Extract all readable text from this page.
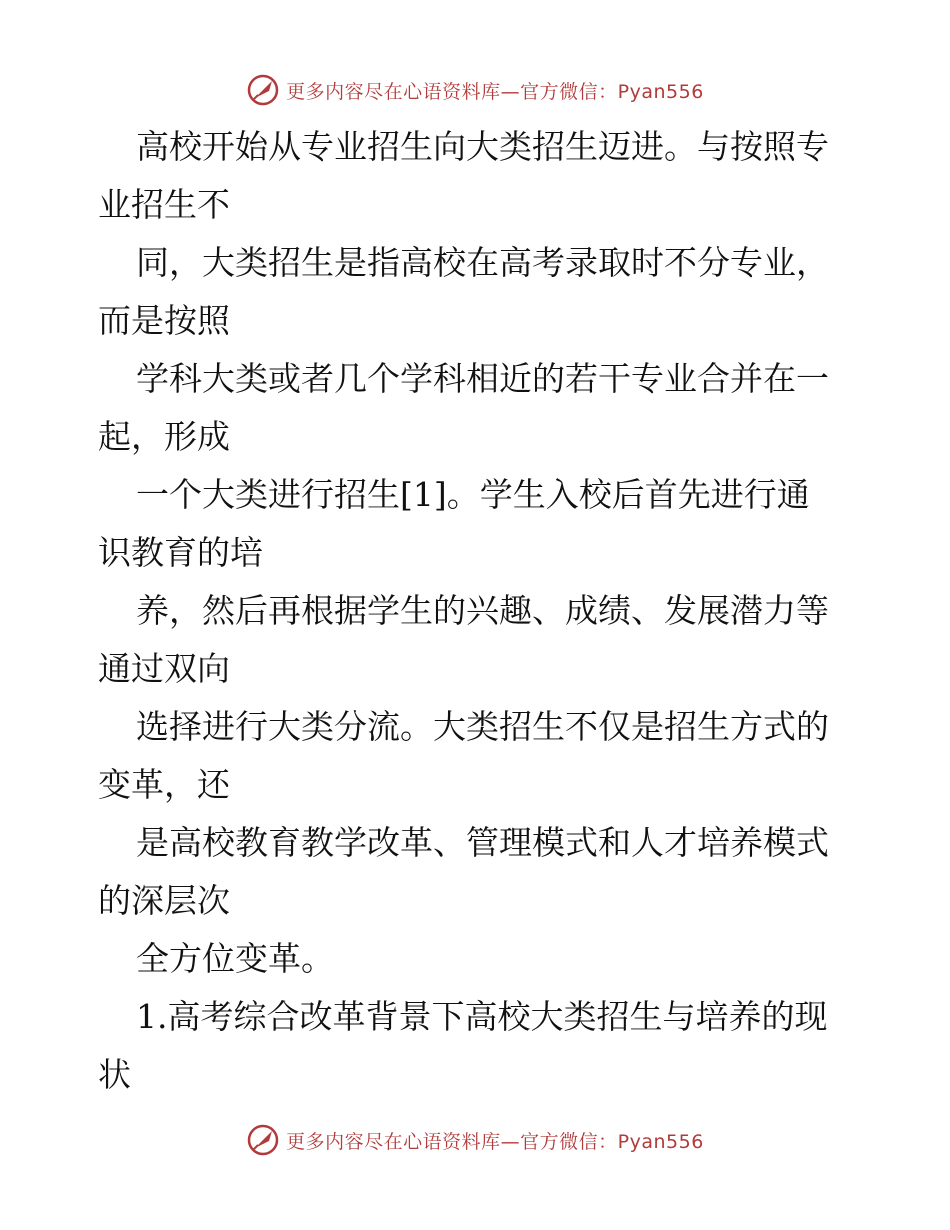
更多内容尽在心语资料库—官方微信：Pyan556
高校开始从专业招生向大类招生迈进。与按照专
业招生不
同，大类招生是指高校在高考录取时不分专业，
而是按照
学科大类或者几个学科相近的若干专业合并在一
起，形成
一个大类进行招生[1]。学生入校后首先进行通
识教育的培
养，然后再根据学生的兴趣、成绩、发展潜力等
通过双向
选择进行大类分流。大类招生不仅是招生方式的
变革，还
是高校教育教学改革、管理模式和人才培养模式
的深层次
全方位变革。
1.高考综合改革背景下高校大类招生与培养的现
状
更多内容尽在心语资料库—官方微信：Pyan556
